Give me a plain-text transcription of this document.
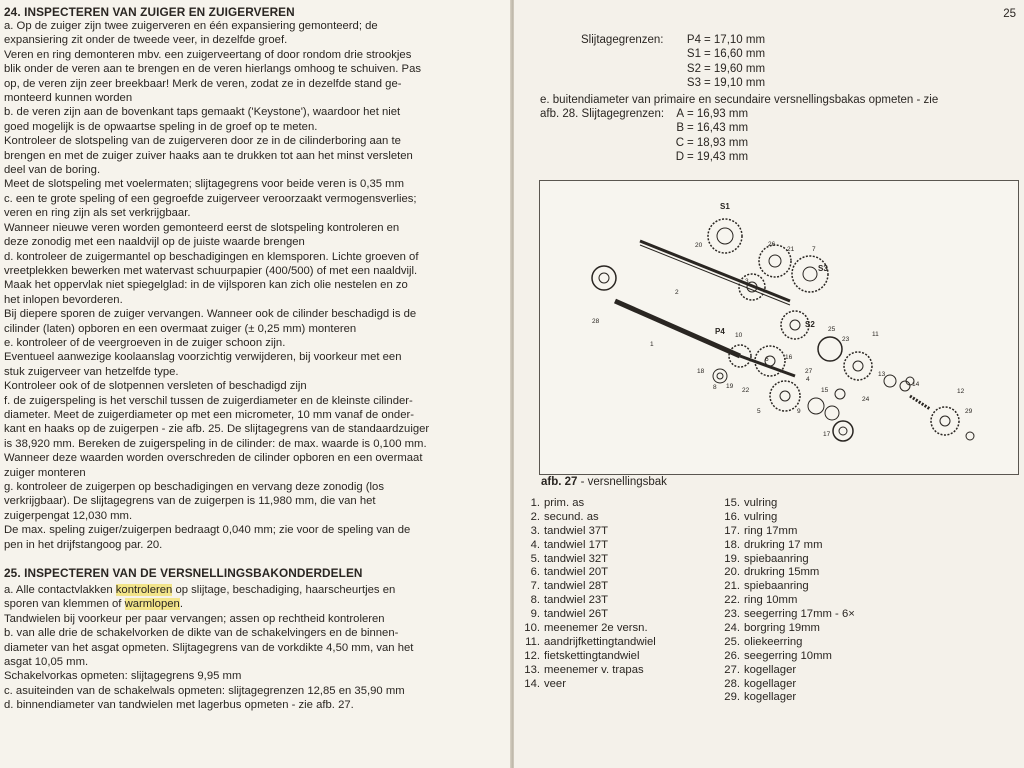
24. INSPECTEREN VAN ZUIGER EN ZUIGERVEREN

a. Op de zuiger zijn twee zuigerveren en één expansiering gemonteerd; de

expansiering zit onder de tweede veer, in dezelfde groef.

Veren en ring demonteren mbv. een zuigerveertang of door rondom drie strookjes

blik onder de veren aan te brengen en de veren hierlangs omhoog te schuiven. Pas

op, de veren zijn zeer breekbaar! Merk de veren, zodat ze in dezelfde stand ge-

monteerd kunnen worden

b. de veren zijn aan de bovenkant taps gemaakt ('Keystone'), waardoor het niet

goed mogelijk is de opwaartse speling in de groef op te meten.

Kontroleer de slotspeling van de zuigerveren door ze in de cilinderboring aan te

brengen en met de zuiger zuiver haaks aan te drukken tot aan het minst versleten

deel van de boring.

Meet de slotspeling met voelermaten; slijtagegrens voor beide veren is 0,35 mm

c. een te grote speling of een gegroefde zuigerveer veroorzaakt vermogensverlies;

veren en ring zijn als set verkrijgbaar.

Wanneer nieuwe veren worden gemonteerd eerst de slotspeling kontroleren en

deze zonodig met een naaldvijl op de juiste waarde brengen

d. kontroleer de zuigermantel op beschadigingen en klemsporen. Lichte groeven of

vreetplekken bewerken met watervast schuurpapier (400/500) of met een naaldvijl.

Maak het oppervlak niet spiegelglad: in de vijlsporen kan zich olie nestelen en zo

het inlopen bevorderen.

Bij diepere sporen de zuiger vervangen. Wanneer ook de cilinder beschadigd is de

cilinder (laten) opboren en een overmaat zuiger (± 0,25 mm) monteren

e. kontroleer of de veergroeven in de zuiger schoon zijn.

Eventueel aanwezige koolaanslag voorzichtig verwijderen, bij voorkeur met een

stuk zuigerveer van hetzelfde type.

Kontroleer ook of de slotpennen versleten of beschadigd zijn

f. de zuigerspeling is het verschil tussen de zuigerdiameter en de kleinste cilinder-

diameter. Meet de zuigerdiameter op met een micrometer, 10 mm vanaf de onder-

kant en haaks op de zuigerpen - zie afb. 25. De slijtagegrens van de standaardzuiger

is 38,920 mm. Bereken de zuigerspeling in de cilinder: de max. waarde is 0,100 mm.

Wanneer deze waarden worden overschreden de cilinder opboren en een overmaat

zuiger monteren

g. kontroleer de zuigerpen op beschadigingen en vervang deze zonodig (los

verkrijgbaar). De slijtagegrens van de zuigerpen is 11,980 mm, die van het

zuigerpengat 12,030 mm.

De max. speling zuiger/zuigerpen bedraagt 0,040 mm; zie voor de speling van de

pen in het drijfstangoog par. 20.

25. INSPECTEREN VAN DE VERSNELLINGSBAKONDERDELEN

a. Alle contactvlakken kontroleren op slijtage, beschadiging, haarscheurtjes en

sporen van klemmen of warmlopen.

Tandwielen bij voorkeur per paar vervangen; assen op rechtheid kontroleren

b. van alle drie de schakelvorken de dikte van de schakelvingers en de binnen-

diameter van het asgat opmeten. Slijtagegrens van de vorkdikte 4,50 mm, van het

asgat 10,05 mm.

Schakelvorkas opmeten: slijtagegrens 9,95 mm

c. asuiteinden van de schakelwals opmeten: slijtagegrenzen 12,85 en 35,90 mm

d. binnendiameter van tandwielen met lagerbus opmeten - zie afb. 27.

25
Slijtagegrenzen: P4 = 17,10 mm
S1 = 16,60 mm
S2 = 19,60 mm
S3 = 19,10 mm
e. buitendiameter van primaire en secundaire versnellingsbakas opmeten - zie
afb. 28. Slijtagegrenzen: A = 16,93 mm
B = 16,43 mm
C = 18,93 mm
D = 19,43 mm
S1
S2
S3
P4
28
20	26
21	7
3
2
1
10
6	16
25
23
11
27
4
18
8 19
22
5
15
24
9
17
13
14
12
29
afb. 27 - versnellingsbak
1. prim. as
2. secund. as
3. tandwiel 37T
4. tandwiel 17T
5. tandwiel 32T
6. tandwiel 20T
7. tandwiel 28T
8. tandwiel 23T
9. tandwiel 26T
10. meenemer 2e versn.
11. aandrijfkettingtandwiel
12. fietskettingtandwiel
13. meenemer v. trapas
14. veer
15. vulring
16. vulring
17. ring 17mm
18. drukring 17 mm
19. spiebaanring
20. drukring 15mm
21. spiebaanring
22. ring 10mm
23. seegerring 17mm - 6×
24. borgring 19mm
25. oliekeerring
26. seegerring 10mm
27. kogellager
28. kogellager
29. kogellager
